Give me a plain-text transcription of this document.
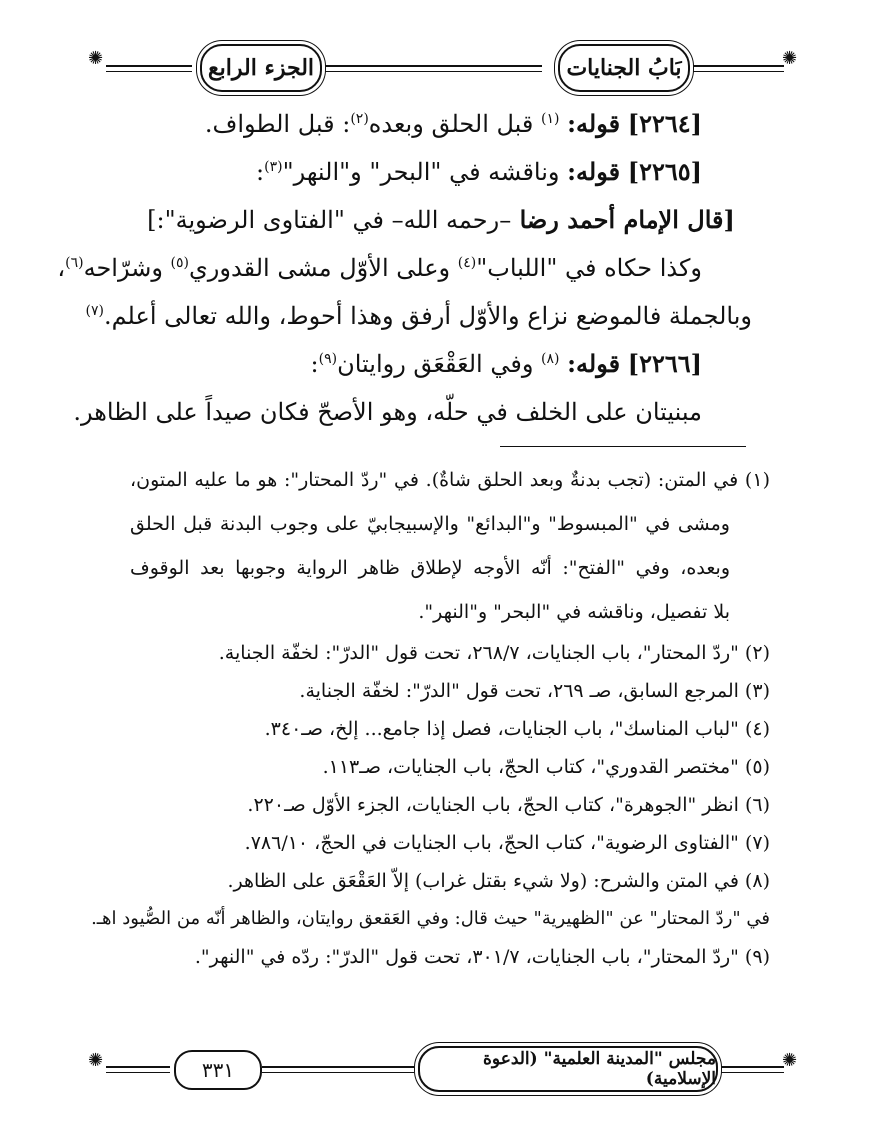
✺
✺	بَابُ الجنايات
الجزء الرابع
[٢٢٦٤] قوله: $^{(١)}$ قبل الحلق وبعده$^{(٢)}$: قبل الطواف.
[٢٢٦٥] قوله: وناقشه في "البحر" و"النهر"$^{(٣)}$:
[قال الإمام أحمد رضا –رحمه الله– في "الفتاوى الرضوية":]
وكذا حكاه في "اللباب"$^{(٤)}$ وعلى الأوّل مشى القدوري$^{(٥)}$ وشرّاحه$^{(٦)}$،
وبالجملة فالموضع نزاع والأوّل أرفق وهذا أحوط، والله تعالى أعلم.$^{(٧)}$
[٢٢٦٦] قوله: $^{(٨)}$ وفي العَقْعَق روايتان$^{(٩)}$:
مبنيتان على الخلف في حلّه، وهو الأصحّ فكان صيداً على الظاهر.
(١) في المتن: (تجب بدنةٌ وبعد الحلق شاةٌ). في "ردّ المحتار": هو ما عليه المتون،
ومشى في "المبسوط" و"البدائع" والإسبيجابيّ على وجوب البدنة قبل الحلق
وبعده، وفي "الفتح": أنّه الأوجه لإطلاق ظاهر الرواية وجوبها بعد الوقوف
بلا تفصيل، وناقشه في "البحر" و"النهر".
(٢) "ردّ المحتار"، باب الجنايات، ٢٦٨/٧، تحت قول "الدرّ": لخفّة الجناية.
(٣) المرجع السابق، صـ ٢٦٩، تحت قول "الدرّ": لخفّة الجناية.
(٤) "لباب المناسك"، باب الجنايات، فصل إذا جامع... إلخ، صـ٣٤٠.
(٥) "مختصر القدوري"، كتاب الحجّ، باب الجنايات، صـ١١٣.
(٦) انظر "الجوهرة"، كتاب الحجّ، باب الجنايات، الجزء الأوّل صـ٢٢٠.
(٧) "الفتاوى الرضوية"، كتاب الحجّ، باب الجنايات في الحجّ، ٧٨٦/١٠.
(٨) في المتن والشرح: (ولا شيء بقتل غراب) إلاّ العَقْعَق على الظاهر.
في "ردّ المحتار" عن "الظهيرية" حيث قال: وفي العَقعق روايتان، والظاهر أنّه من الصُّيود اهـ.
(٩) "ردّ المحتار"، باب الجنايات، ٣٠١/٧، تحت قول "الدرّ": ردّه في "النهر".
✺
✺	٣٣١	مجلس "المدينة العلمية" (الدعوة الإسلامية)
